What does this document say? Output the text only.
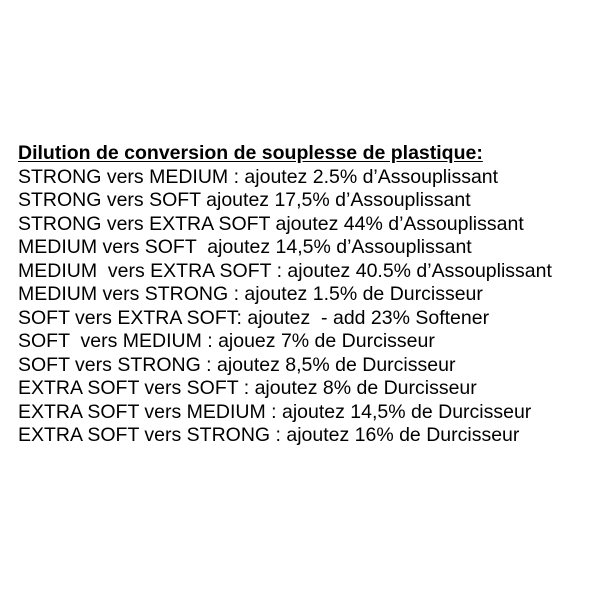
Dilution de conversion de souplesse de plastique:

STRONG vers MEDIUM : ajoutez 2.5% d’Assouplissant
STRONG vers SOFT ajoutez 17,5% d’Assouplissant
STRONG vers EXTRA SOFT ajoutez 44% d’Assouplissant
MEDIUM vers SOFT  ajoutez 14,5% d’Assouplissant
MEDIUM  vers EXTRA SOFT : ajoutez 40.5% d’Assouplissant
MEDIUM vers STRONG : ajoutez 1.5% de Durcisseur
SOFT vers EXTRA SOFT: ajoutez  - add 23% Softener
SOFT  vers MEDIUM : ajouez 7% de Durcisseur
SOFT vers STRONG : ajoutez 8,5% de Durcisseur
EXTRA SOFT vers SOFT : ajoutez 8% de Durcisseur
EXTRA SOFT vers MEDIUM : ajoutez 14,5% de Durcisseur
EXTRA SOFT vers STRONG : ajoutez 16% de Durcisseur
